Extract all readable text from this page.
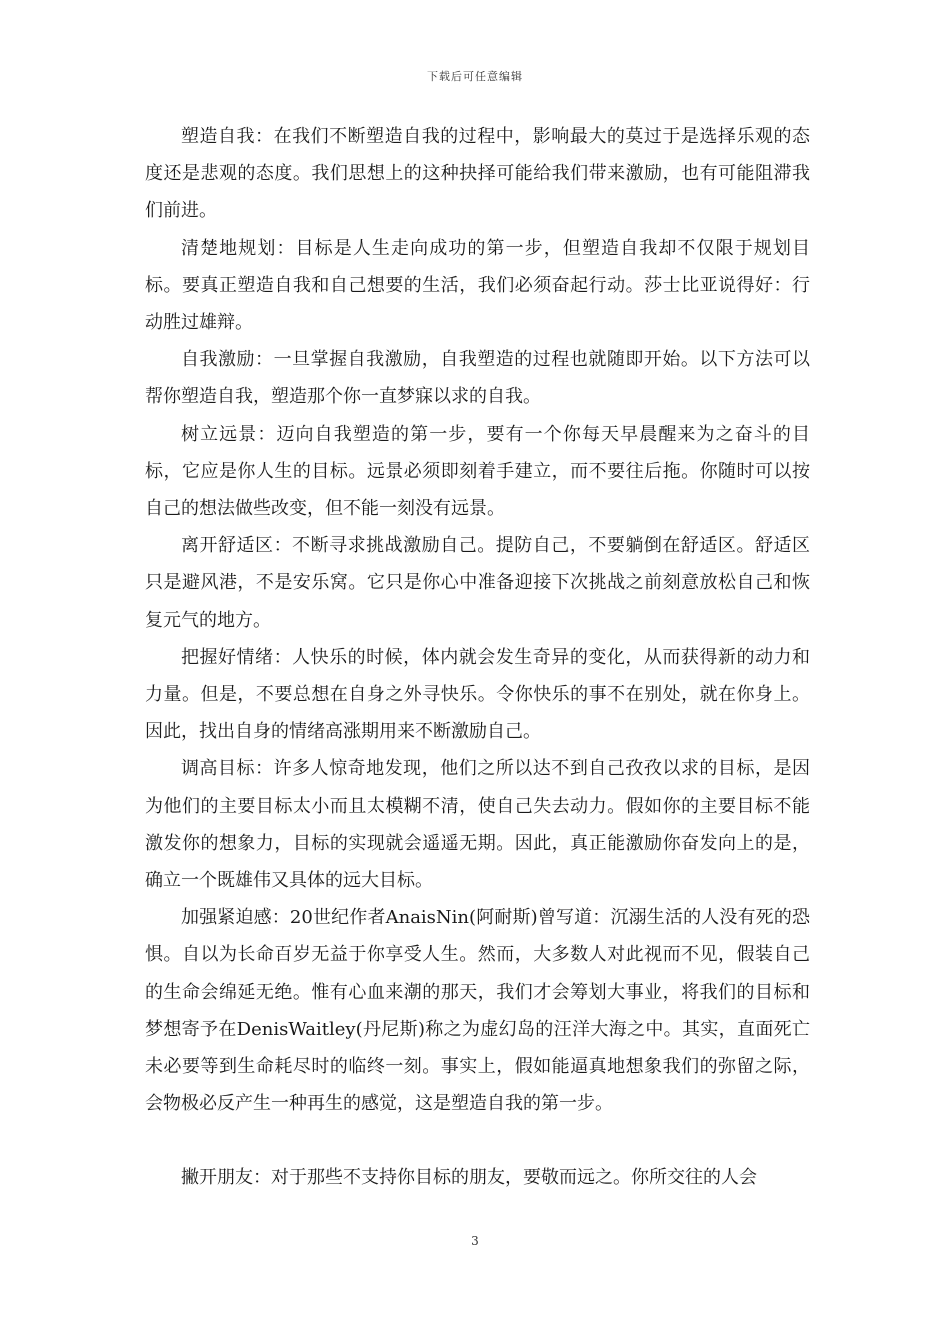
下载后可任意编辑

塑造自我：在我们不断塑造自我的过程中，影响最大的莫过于是选择乐观的态度还是悲观的态度。我们思想上的这种抉择可能给我们带来激励，也有可能阻滞我们前进。

清楚地规划：目标是人生走向成功的第一步，但塑造自我却不仅限于规划目标。要真正塑造自我和自己想要的生活，我们必须奋起行动。莎士比亚说得好：行动胜过雄辩。

自我激励：一旦掌握自我激励，自我塑造的过程也就随即开始。以下方法可以帮你塑造自我，塑造那个你一直梦寐以求的自我。

树立远景：迈向自我塑造的第一步，要有一个你每天早晨醒来为之奋斗的目标，它应是你人生的目标。远景必须即刻着手建立，而不要往后拖。你随时可以按自己的想法做些改变，但不能一刻没有远景。

离开舒适区：不断寻求挑战激励自己。提防自己，不要躺倒在舒适区。舒适区只是避风港，不是安乐窝。它只是你心中准备迎接下次挑战之前刻意放松自己和恢复元气的地方。

把握好情绪：人快乐的时候，体内就会发生奇异的变化，从而获得新的动力和力量。但是，不要总想在自身之外寻快乐。令你快乐的事不在别处，就在你身上。因此，找出自身的情绪高涨期用来不断激励自己。

调高目标：许多人惊奇地发现，他们之所以达不到自己孜孜以求的目标，是因为他们的主要目标太小而且太模糊不清，使自己失去动力。假如你的主要目标不能激发你的想象力，目标的实现就会遥遥无期。因此，真正能激励你奋发向上的是，确立一个既雄伟又具体的远大目标。

加强紧迫感：20世纪作者AnaisNin(阿耐斯)曾写道：沉溺生活的人没有死的恐惧。自以为长命百岁无益于你享受人生。然而，大多数人对此视而不见，假装自己的生命会绵延无绝。惟有心血来潮的那天，我们才会筹划大事业，将我们的目标和梦想寄予在DenisWaitley(丹尼斯)称之为虚幻岛的汪洋大海之中。其实，直面死亡未必要等到生命耗尽时的临终一刻。事实上，假如能逼真地想象我们的弥留之际，会物极必反产生一种再生的感觉，这是塑造自我的第一步。

撇开朋友：对于那些不支持你目标的朋友，要敬而远之。你所交往的人会

3
